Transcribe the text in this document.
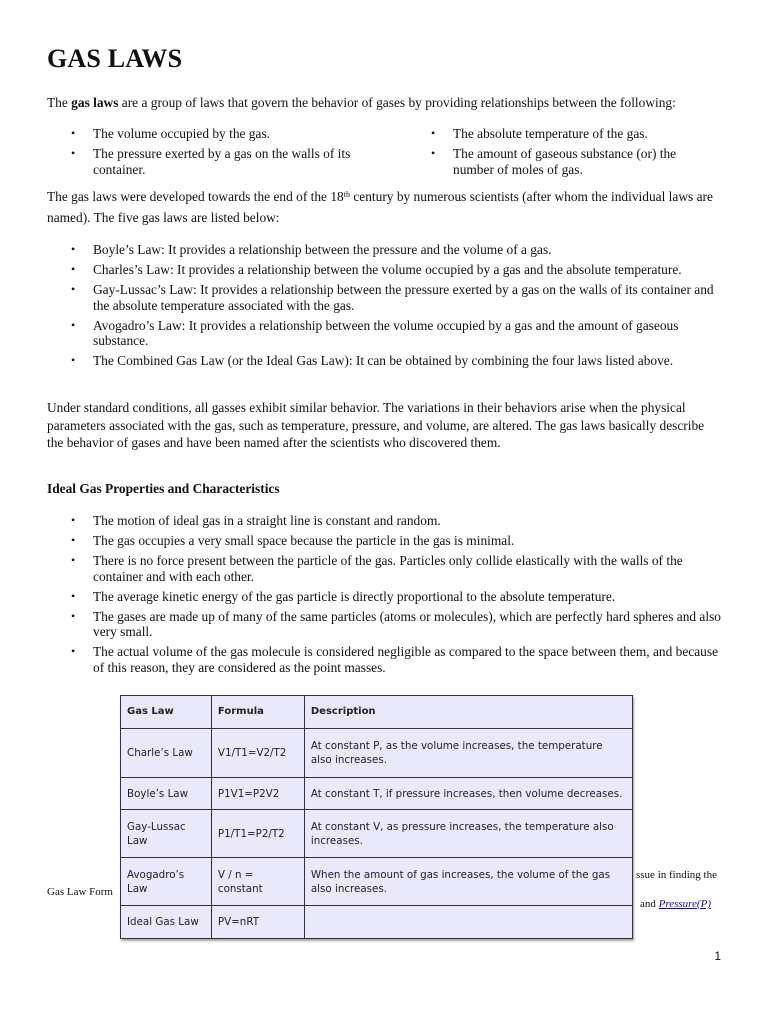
GAS LAWS

The gas laws are a group of laws that govern the behavior of gases by providing relationships between the following:

• The volume occupied by the gas.
• The pressure exerted by a gas on the walls of its container.
• The absolute temperature of the gas.
• The amount of gaseous substance (or) the number of moles of gas.

The gas laws were developed towards the end of the 18th century by numerous scientists (after whom the individual laws are named). The five gas laws are listed below:

• Boyle’s Law: It provides a relationship between the pressure and the volume of a gas.
• Charles’s Law: It provides a relationship between the volume occupied by a gas and the absolute temperature.
• Gay-Lussac’s Law: It provides a relationship between the pressure exerted by a gas on the walls of its container and the absolute temperature associated with the gas.
• Avogadro’s Law: It provides a relationship between the volume occupied by a gas and the amount of gaseous substance.
• The Combined Gas Law (or the Ideal Gas Law): It can be obtained by combining the four laws listed above.

Under standard conditions, all gasses exhibit similar behavior. The variations in their behaviors arise when the physical parameters associated with the gas, such as temperature, pressure, and volume, are altered. The gas laws basically describe the behavior of gases and have been named after the scientists who discovered them.

Ideal Gas Properties and Characteristics

• The motion of ideal gas in a straight line is constant and random.
• The gas occupies a very small space because the particle in the gas is minimal.
• There is no force present between the particle of the gas. Particles only collide elastically with the walls of the container and with each other.
• The average kinetic energy of the gas particle is directly proportional to the absolute temperature.
• The gases are made up of many of the same particles (atoms or molecules), which are perfectly hard spheres and also very small.
• The actual volume of the gas molecule is considered negligible as compared to the space between them, and because of this reason, they are considered as the point masses.
Gas Law Form
ssue in finding the
and Pressure(P)
Gas Law	Formula	Description
Charle’s Law	V1/T1=V2/T2	At constant P, as the volume increases, the temperature also increases.
Boyle’s Law	P1V1=P2V2	At constant T, if pressure increases, then volume decreases.
Gay-Lussac Law	P1/T1=P2/T2	At constant V, as pressure increases, the temperature also increases.
Avogadro’s Law	V / n = constant	When the amount of gas increases, the volume of the gas also increases.
Ideal Gas Law	PV=nRT	
1
